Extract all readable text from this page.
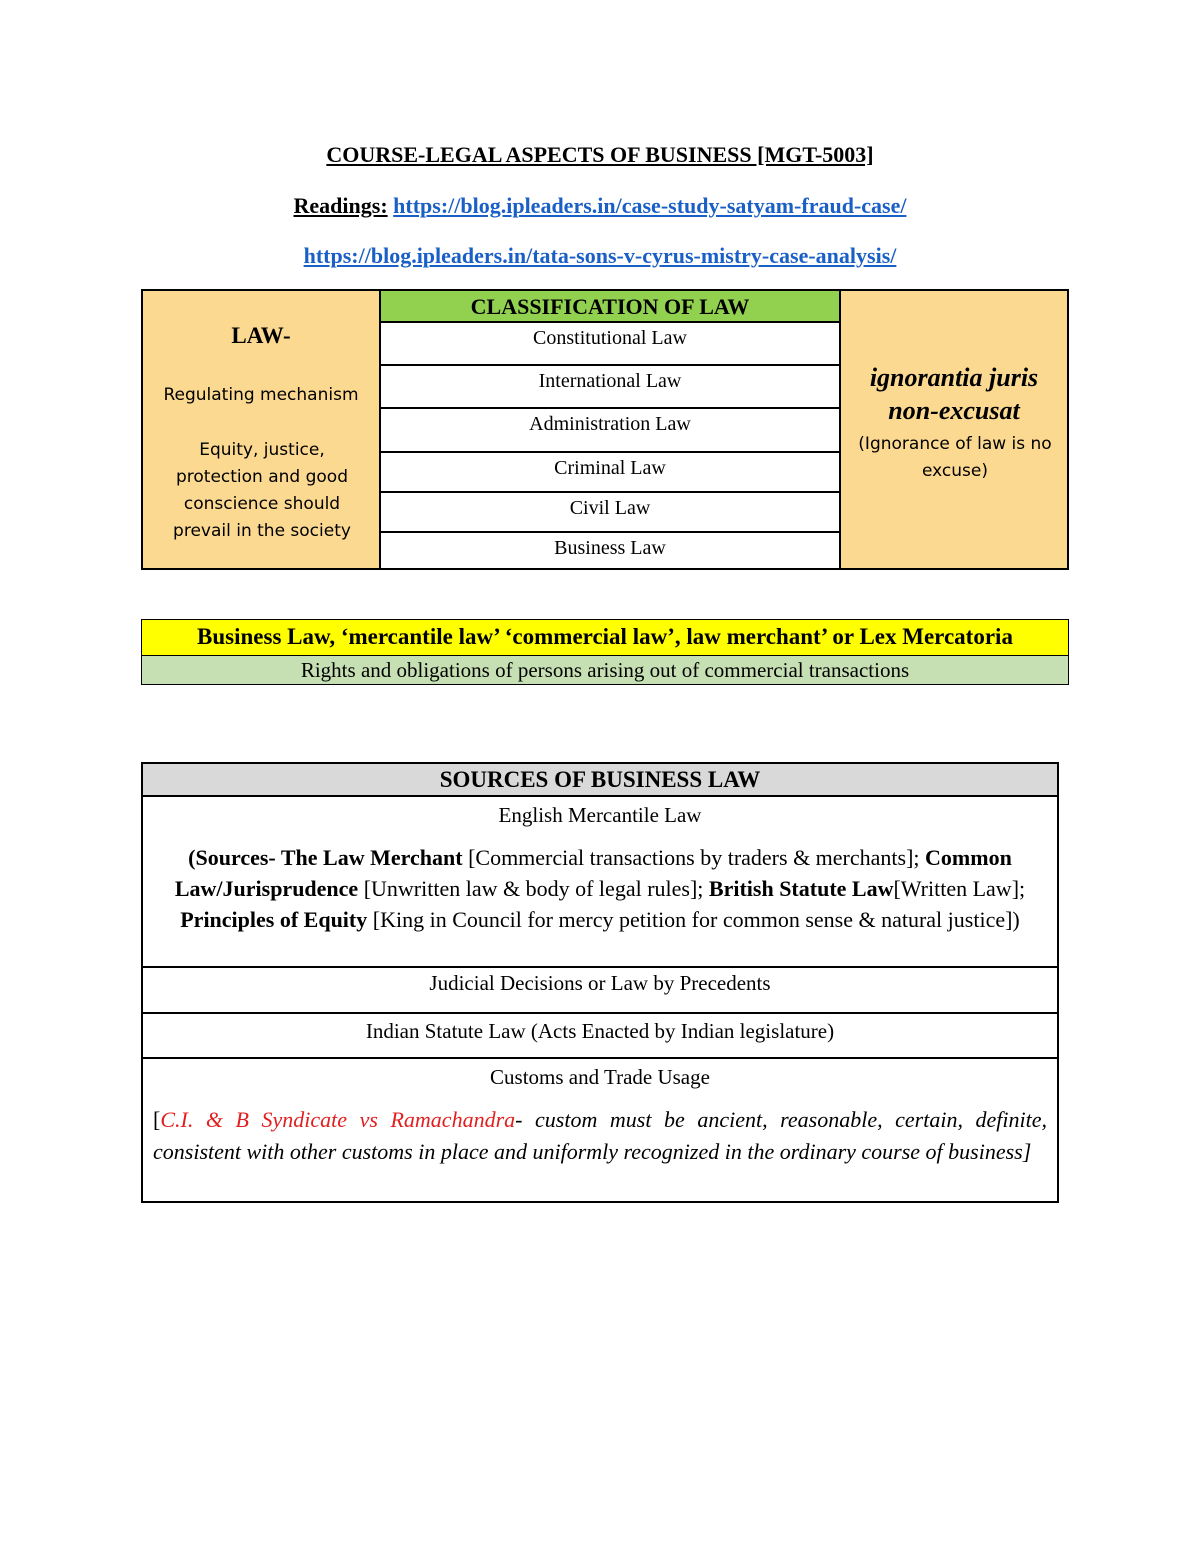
COURSE-LEGAL ASPECTS OF BUSINESS [MGT-5003]
Readings: https://blog.ipleaders.in/case-study-satyam-fraud-case/
https://blog.ipleaders.in/tata-sons-v-cyrus-mistry-case-analysis/
LAW-
Regulating mechanism
Equity, justice, protection and good conscience should prevail in the society
CLASSIFICATION OF LAW
Constitutional Law
International Law
Administration Law
Criminal Law
Civil Law
Business Law
ignorantia juris
non-excusat
(Ignorance of law is no excuse)
Business Law, ‘mercantile law’ ‘commercial law’, law merchant’ or Lex Mercatoria
Rights and obligations of persons arising out of commercial transactions
SOURCES OF BUSINESS LAW
English Mercantile Law
(Sources- The Law Merchant [Commercial transactions by traders & merchants]; Common Law/Jurisprudence [Unwritten law & body of legal rules]; British Statute Law[Written Law]; Principles of Equity [King in Council for mercy petition for common sense & natural justice])
Judicial Decisions or Law by Precedents
Indian Statute Law (Acts Enacted by Indian legislature)
Customs and Trade Usage
[C.I. & B Syndicate vs Ramachandra- custom must be ancient, reasonable, certain, definite, consistent with other customs in place and uniformly recognized in the ordinary course of business]
